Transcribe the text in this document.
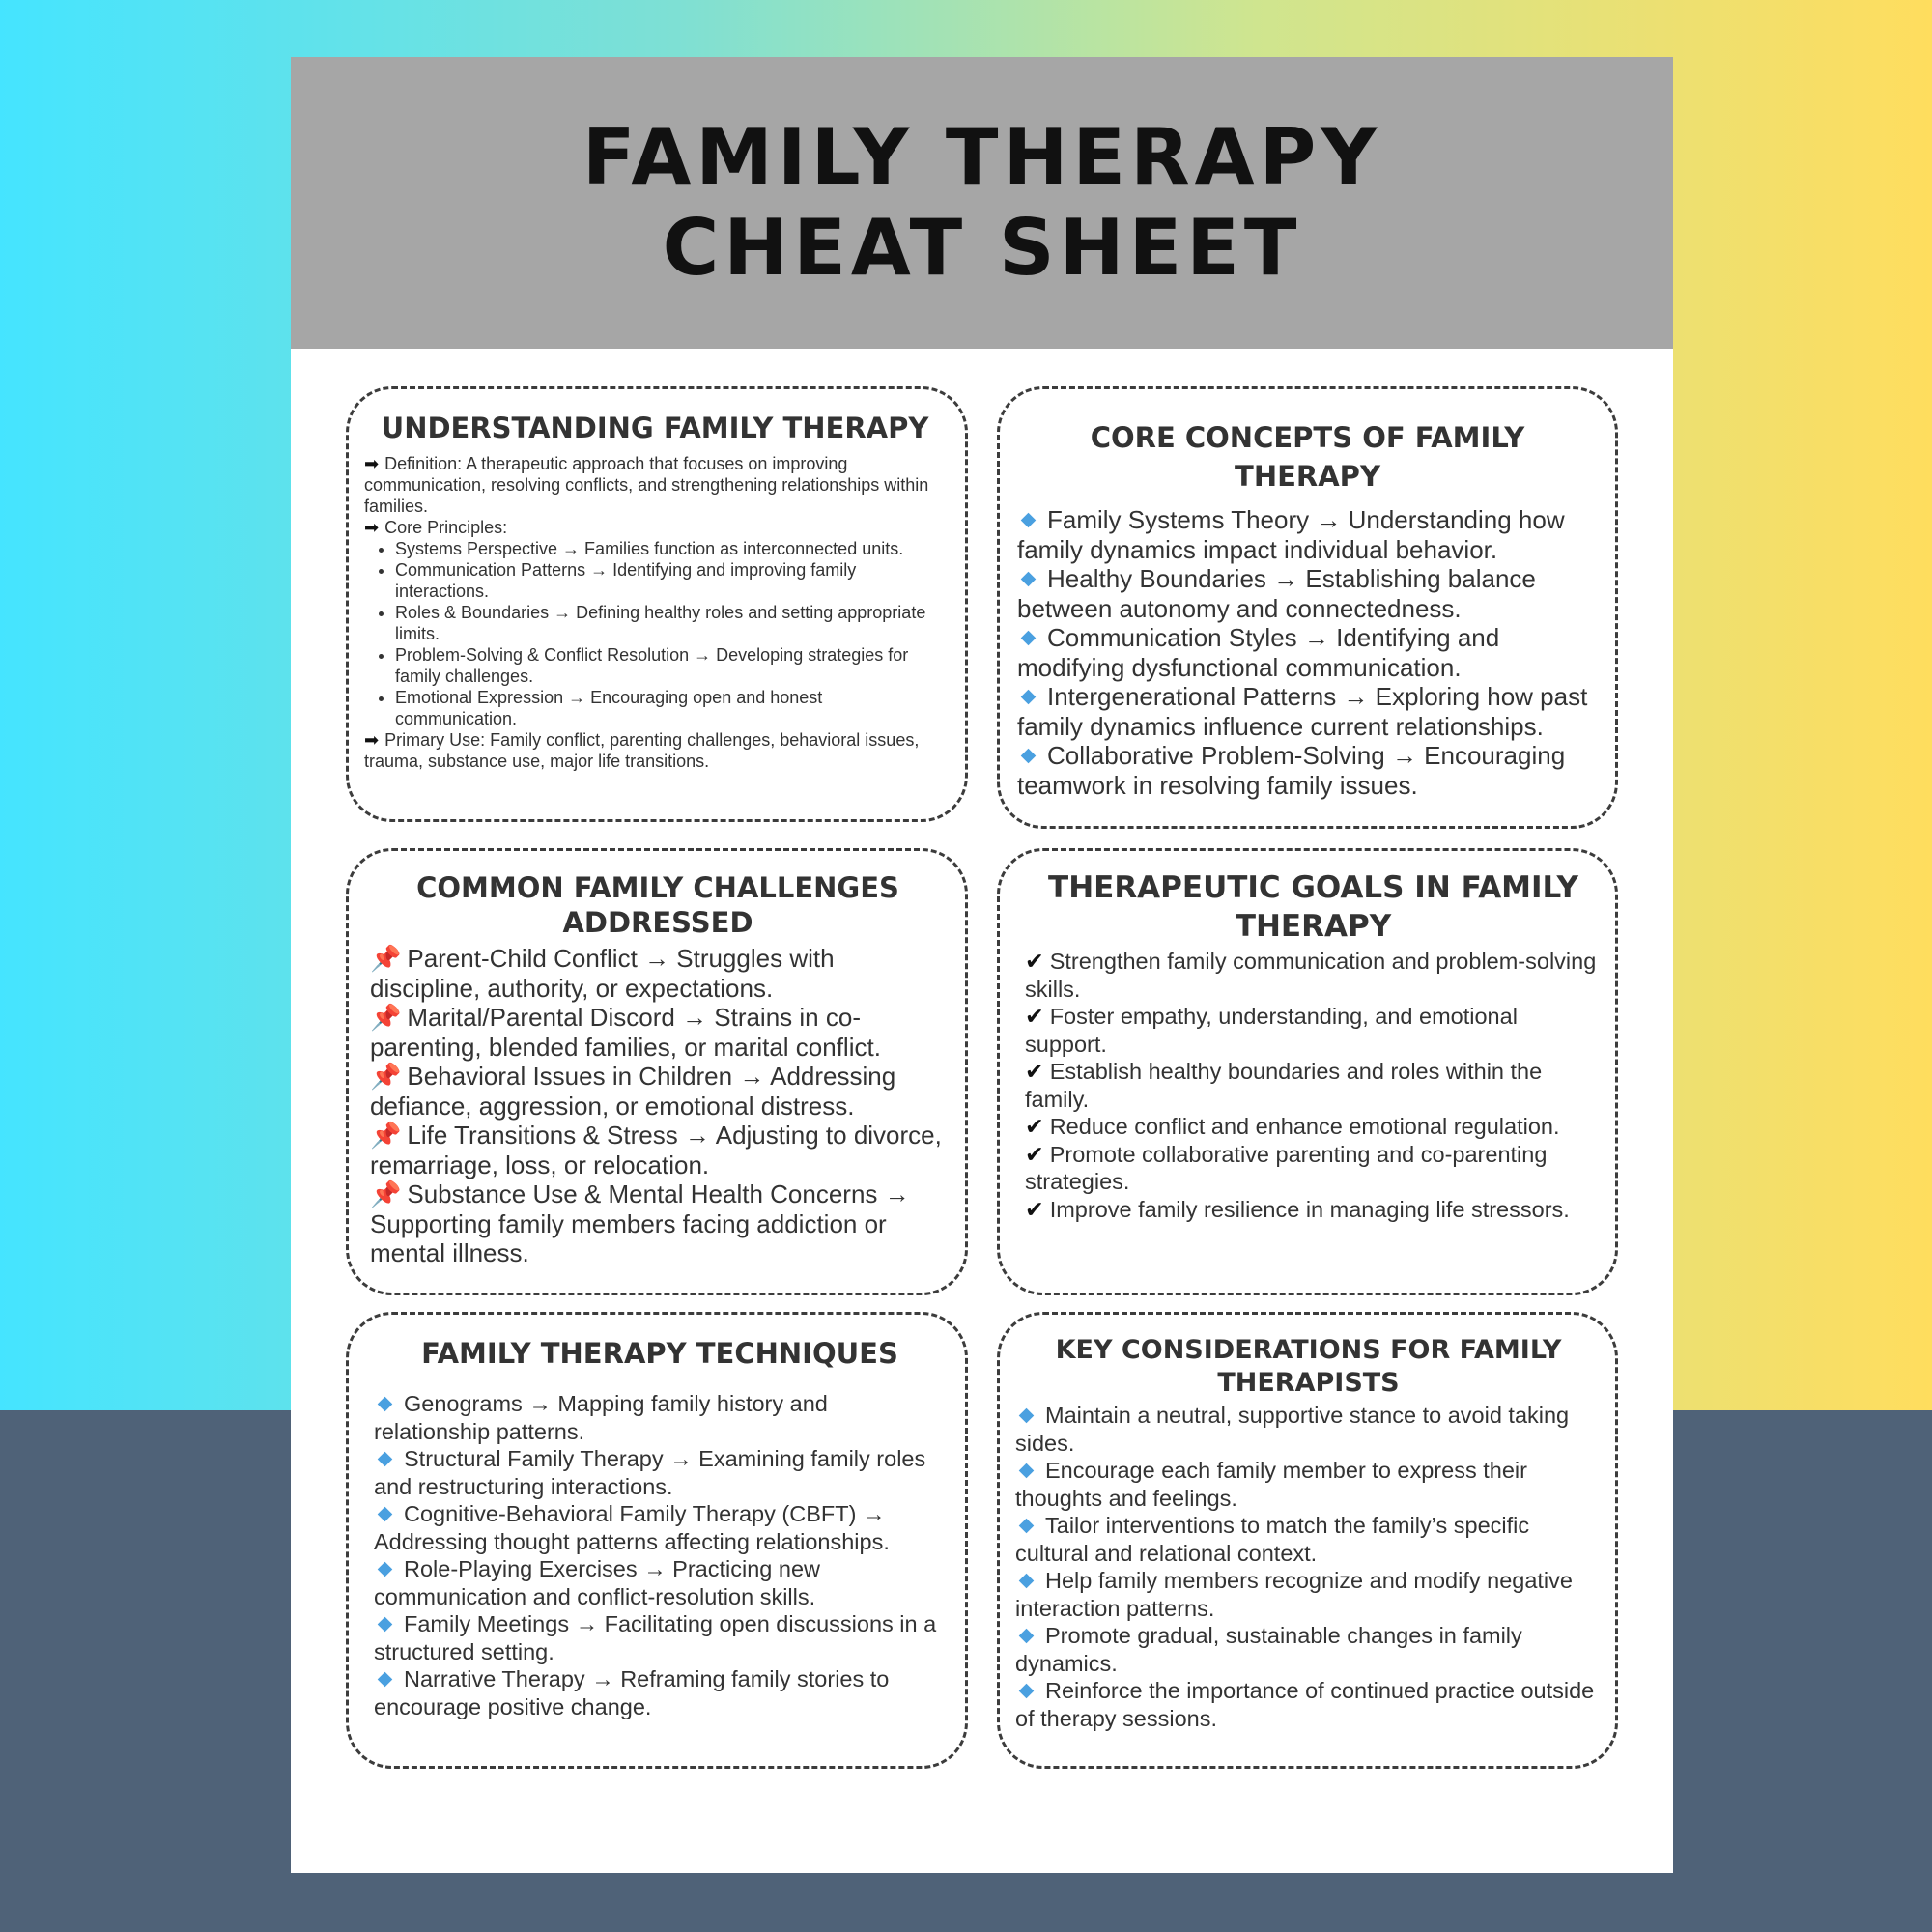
FAMILY THERAPY
CHEAT SHEET
UNDERSTANDING FAMILY THERAPY

➡ Definition: A therapeutic approach that focuses on improving communication, resolving conflicts, and strengthening relationships within families.

➡ Core Principles:

• Systems Perspective → Families function as interconnected units.
• Communication Patterns → Identifying and improving family interactions.
• Roles & Boundaries → Defining healthy roles and setting appropriate limits.
• Problem-Solving & Conflict Resolution → Developing strategies for family challenges.
• Emotional Expression → Encouraging open and honest communication.

➡ Primary Use: Family conflict, parenting challenges, behavioral issues, trauma, substance use, major life transitions.

CORE CONCEPTS OF FAMILY THERAPY

Family Systems Theory → Understanding how family dynamics impact individual behavior.

Healthy Boundaries → Establishing balance between autonomy and connectedness.

Communication Styles → Identifying and modifying dysfunctional communication.

Intergenerational Patterns → Exploring how past family dynamics influence current relationships.

Collaborative Problem-Solving → Encouraging teamwork in resolving family issues.

COMMON FAMILY CHALLENGES ADDRESSED

📌 Parent-Child Conflict → Struggles with discipline, authority, or expectations.

📌 Marital/Parental Discord → Strains in co-parenting, blended families, or marital conflict.

📌 Behavioral Issues in Children → Addressing defiance, aggression, or emotional distress.

📌 Life Transitions & Stress → Adjusting to divorce, remarriage, loss, or relocation.

📌 Substance Use & Mental Health Concerns → Supporting family members facing addiction or mental illness.

THERAPEUTIC GOALS IN FAMILY THERAPY

✔ Strengthen family communication and problem-solving skills.

✔ Foster empathy, understanding, and emotional support.

✔ Establish healthy boundaries and roles within the family.

✔ Reduce conflict and enhance emotional regulation.

✔ Promote collaborative parenting and co-parenting strategies.

✔ Improve family resilience in managing life stressors.

FAMILY THERAPY TECHNIQUES

Genograms → Mapping family history and relationship patterns.

Structural Family Therapy → Examining family roles and restructuring interactions.

Cognitive-Behavioral Family Therapy (CBFT) → Addressing thought patterns affecting relationships.

Role-Playing Exercises → Practicing new communication and conflict-resolution skills.

Family Meetings → Facilitating open discussions in a structured setting.

Narrative Therapy → Reframing family stories to encourage positive change.

KEY CONSIDERATIONS FOR FAMILY THERAPISTS

Maintain a neutral, supportive stance to avoid taking sides.

Encourage each family member to express their thoughts and feelings.

Tailor interventions to match the family’s specific cultural and relational context.

Help family members recognize and modify negative interaction patterns.

Promote gradual, sustainable changes in family dynamics.

Reinforce the importance of continued practice outside of therapy sessions.
